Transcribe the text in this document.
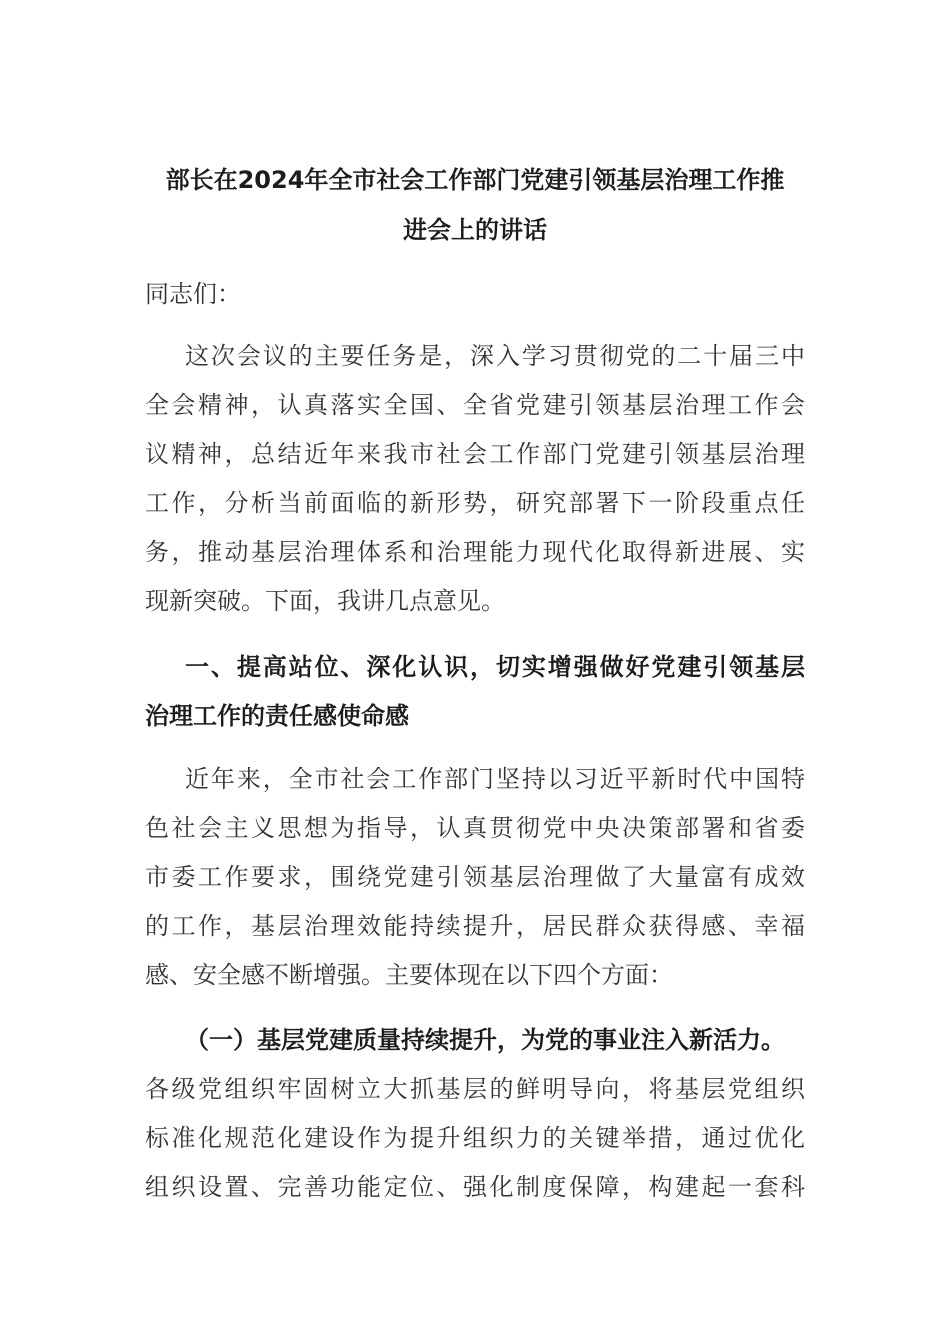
部长在2024年全市社会工作部门党建引领基层治理工作推
进会上的讲话
同志们：
这次会议的主要任务是，深入学习贯彻党的二十届三中
全会精神，认真落实全国、全省党建引领基层治理工作会
议精神，总结近年来我市社会工作部门党建引领基层治理
工作，分析当前面临的新形势，研究部署下一阶段重点任
务，推动基层治理体系和治理能力现代化取得新进展、实
现新突破。下面，我讲几点意见。
一、提高站位、深化认识，切实增强做好党建引领基层
治理工作的责任感使命感
近年来，全市社会工作部门坚持以习近平新时代中国特
色社会主义思想为指导，认真贯彻党中央决策部署和省委
市委工作要求，围绕党建引领基层治理做了大量富有成效
的工作，基层治理效能持续提升，居民群众获得感、幸福
感、安全感不断增强。主要体现在以下四个方面：
（一）基层党建质量持续提升，为党的事业注入新活力。
各级党组织牢固树立大抓基层的鲜明导向，将基层党组织
标准化规范化建设作为提升组织力的关键举措，通过优化
组织设置、完善功能定位、强化制度保障，构建起一套科
